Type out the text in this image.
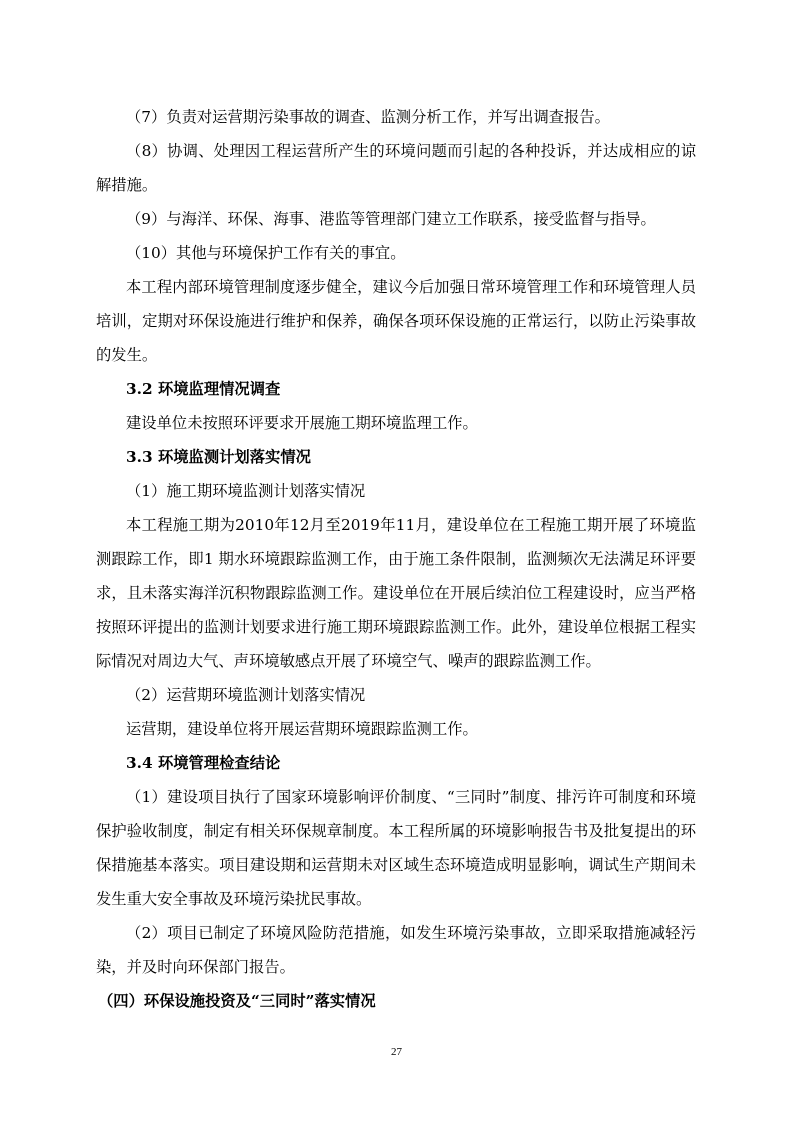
（7）负责对运营期污染事故的调查、监测分析工作，并写出调查报告。

（8）协调、处理因工程运营所产生的环境问题而引起的各种投诉，并达成相应的谅解措施。

（9）与海洋、环保、海事、港监等管理部门建立工作联系，接受监督与指导。

（10）其他与环境保护工作有关的事宜。

本工程内部环境管理制度逐步健全，建议今后加强日常环境管理工作和环境管理人员培训，定期对环保设施进行维护和保养，确保各项环保设施的正常运行，以防止污染事故的发生。

3.2 环境监理情况调查

建设单位未按照环评要求开展施工期环境监理工作。

3.3 环境监测计划落实情况

（1）施工期环境监测计划落实情况

本工程施工期为2010年12月至2019年11月，建设单位在工程施工期开展了环境监测跟踪工作，即1 期水环境跟踪监测工作，由于施工条件限制，监测频次无法满足环评要求，且未落实海洋沉积物跟踪监测工作。建设单位在开展后续泊位工程建设时，应当严格按照环评提出的监测计划要求进行施工期环境跟踪监测工作。此外，建设单位根据工程实际情况对周边大气、声环境敏感点开展了环境空气、噪声的跟踪监测工作。

（2）运营期环境监测计划落实情况

运营期，建设单位将开展运营期环境跟踪监测工作。

3.4 环境管理检查结论

（1）建设项目执行了国家环境影响评价制度、“三同时”制度、排污许可制度和环境保护验收制度，制定有相关环保规章制度。本工程所属的环境影响报告书及批复提出的环保措施基本落实。项目建设期和运营期未对区域生态环境造成明显影响，调试生产期间未发生重大安全事故及环境污染扰民事故。

（2）项目已制定了环境风险防范措施，如发生环境污染事故，立即采取措施减轻污染，并及时向环保部门报告。

（四）环保设施投资及“三同时”落实情况
27
